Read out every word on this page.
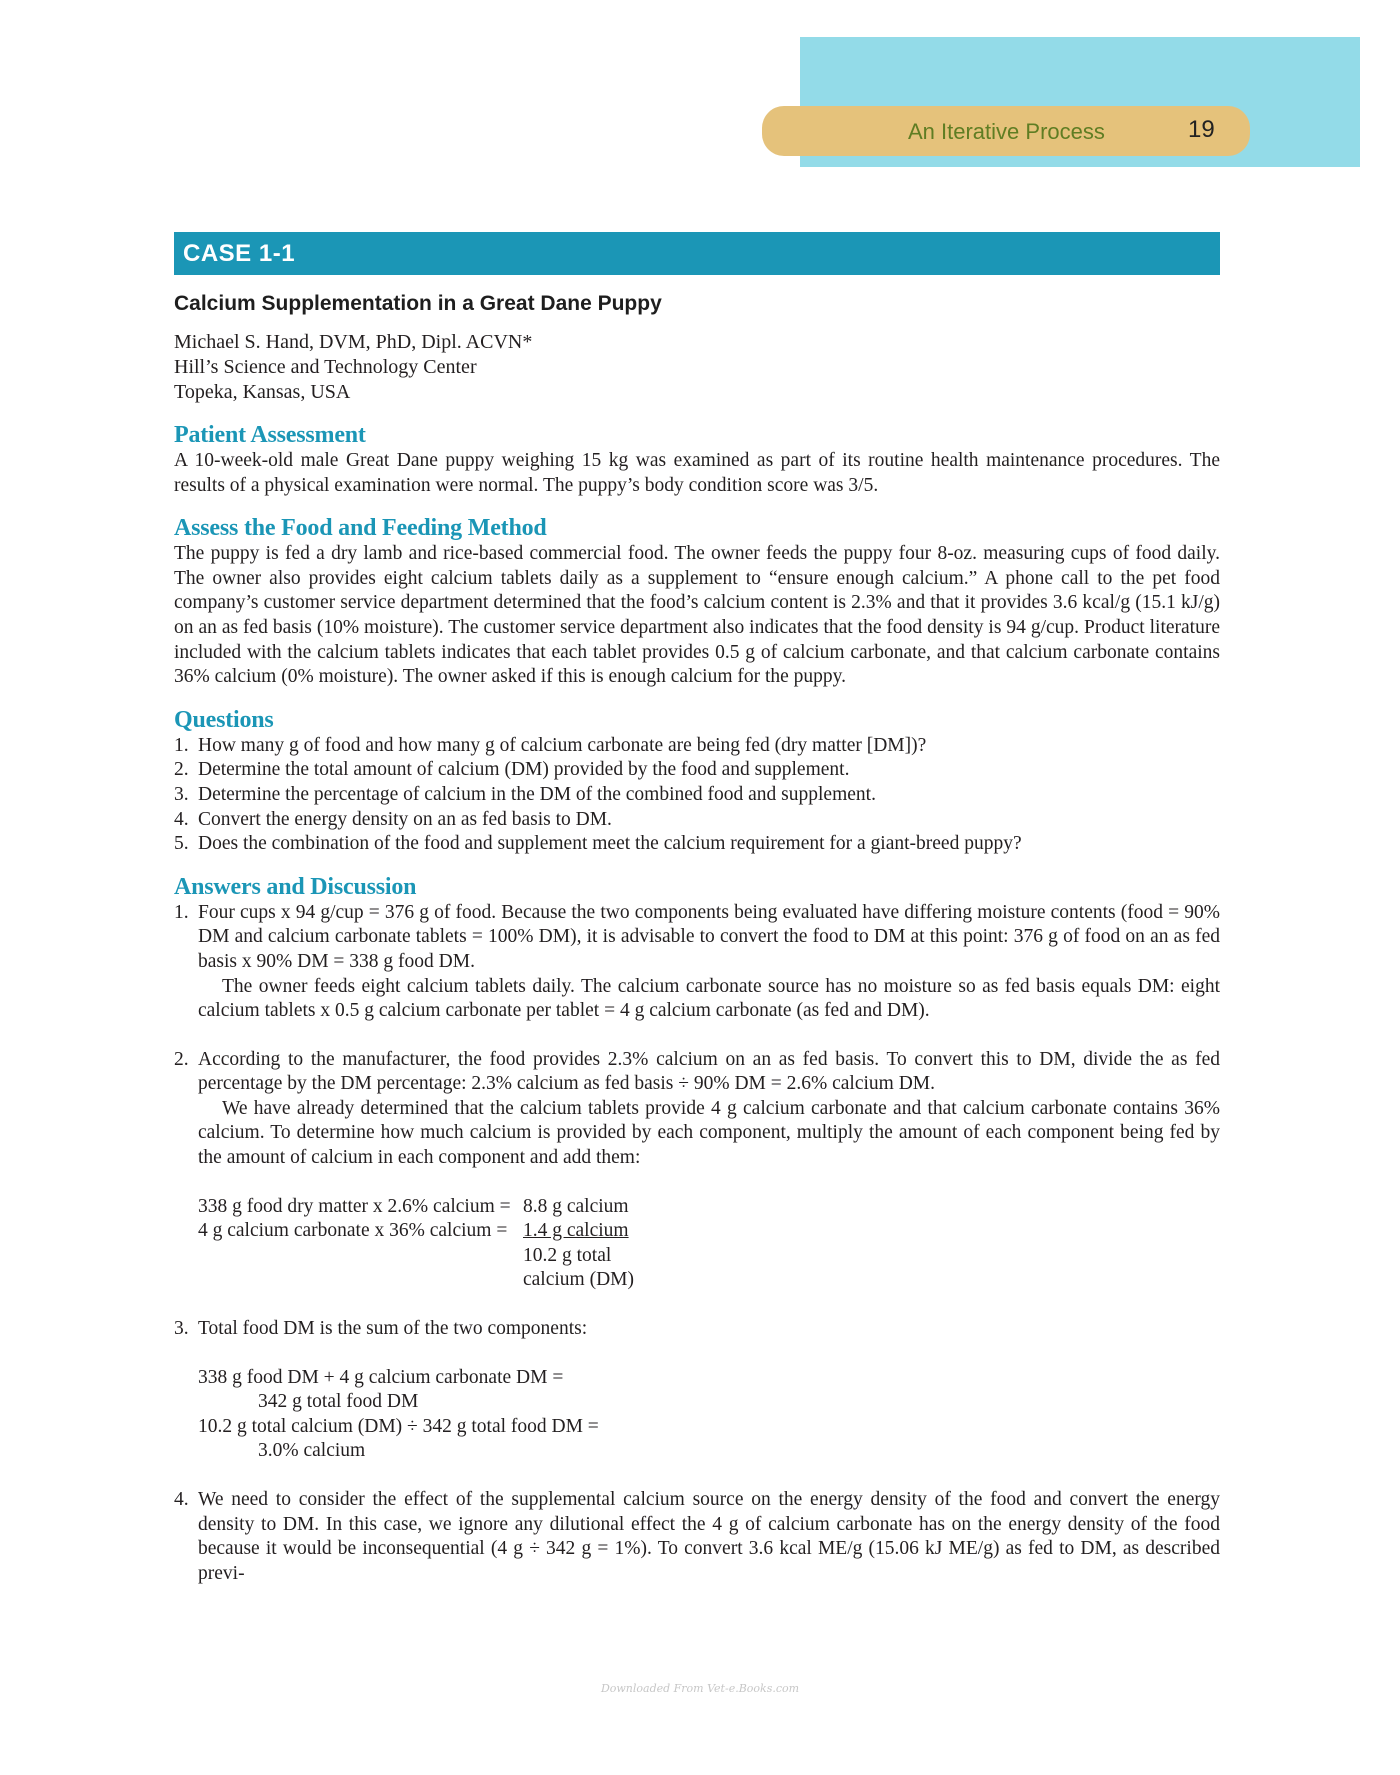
An Iterative Process	19
CASE 1-1
Calcium Supplementation in a Great Dane Puppy
Michael S. Hand, DVM, PhD, Dipl. ACVN*
Hill’s Science and Technology Center
Topeka, Kansas, USA
Patient Assessment

A 10-week-old male Great Dane puppy weighing 15 kg was examined as part of its routine health maintenance procedures. The results of a physical examination were normal. The puppy’s body condition score was 3/5.

Assess the Food and Feeding Method

The puppy is fed a dry lamb and rice-based commercial food. The owner feeds the puppy four 8-oz. measuring cups of food daily. The owner also provides eight calcium tablets daily as a supplement to “ensure enough calcium.” A phone call to the pet food company’s customer service department determined that the food’s calcium content is 2.3% and that it provides 3.6 kcal/g (15.1 kJ/g) on an as fed basis (10% moisture). The customer service department also indicates that the food density is 94 g/cup. Product literature included with the calcium tablets indicates that each tablet provides 0.5 g of calcium carbonate, and that calcium carbonate contains 36% calcium (0% moisture). The owner asked if this is enough calcium for the puppy.

Questions
1. How many g of food and how many g of calcium carbonate are being fed (dry matter [DM])?
2. Determine the total amount of calcium (DM) provided by the food and supplement.
3. Determine the percentage of calcium in the DM of the combined food and supplement.
4. Convert the energy density on an as fed basis to DM.
5. Does the combination of the food and supplement meet the calcium requirement for a giant-breed puppy?
Answers and Discussion
1. Four cups x 94 g/cup = 376 g of food. Because the two components being evaluated have differing moisture contents (food = 90% DM and calcium carbonate tablets = 100% DM), it is advisable to convert the food to DM at this point: 376 g of food on an as fed basis x 90% DM = 338 g food DM.

The owner feeds eight calcium tablets daily. The calcium carbonate source has no moisture so as fed basis equals DM: eight calcium tablets x 0.5 g calcium carbonate per tablet = 4 g calcium carbonate (as fed and DM).

2. According to the manufacturer, the food provides 2.3% calcium on an as fed basis. To convert this to DM, divide the as fed percentage by the DM percentage: 2.3% calcium as fed basis ÷ 90% DM = 2.6% calcium DM.

We have already determined that the calcium tablets provide 4 g calcium carbonate and that calcium carbonate contains 36% calcium. To determine how much calcium is provided by each component, multiply the amount of each component being fed by the amount of calcium in each component and add them:

338 g food dry matter x 2.6% calcium = 8.8 g calcium
4 g calcium carbonate x 36% calcium = 1.4 g calcium
10.2 g total
calcium (DM)
3. Total food DM is the sum of the two components:

338 g food DM + 4 g calcium carbonate DM =
342 g total food DM
10.2 g total calcium (DM) ÷ 342 g total food DM =
3.0% calcium
4. We need to consider the effect of the supplemental calcium source on the energy density of the food and convert the energy density to DM. In this case, we ignore any dilutional effect the 4 g of calcium carbonate has on the energy density of the food because it would be inconsequential (4 g ÷ 342 g = 1%). To convert 3.6 kcal ME/g (15.06 kJ ME/g) as fed to DM, as described previ-

Downloaded From Vet-e.Books.com
